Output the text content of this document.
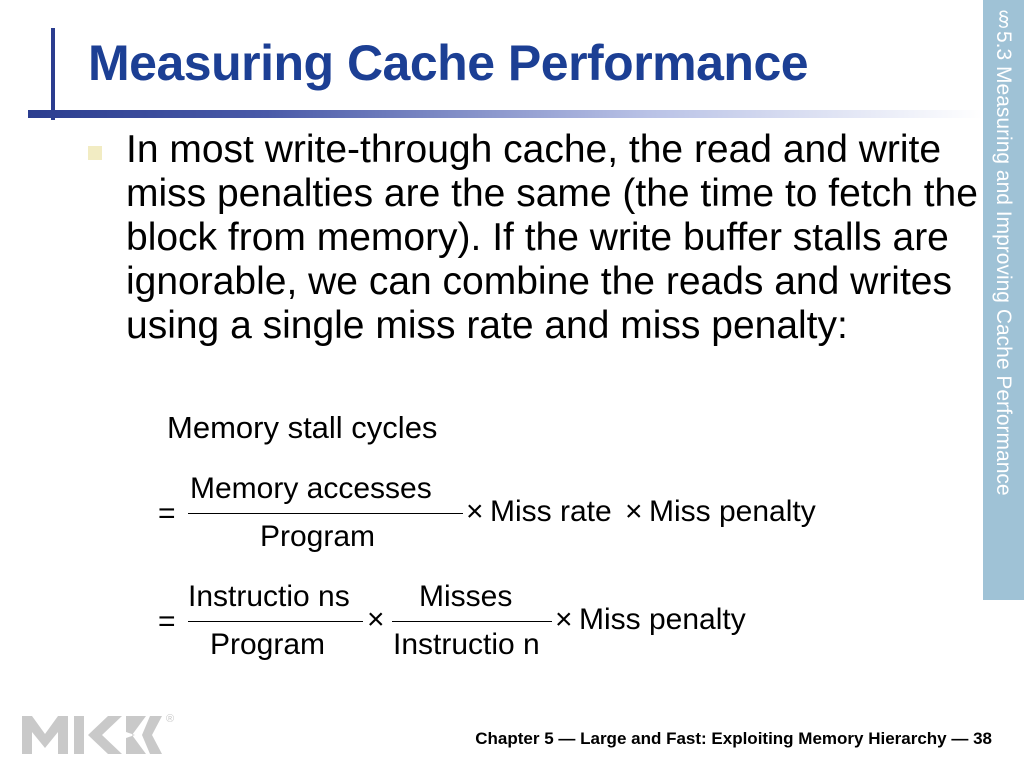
Measuring Cache Performance	§5.3 Measuring and Improving Cache Performance

In most write-through cache, the read and write miss penalties are the same (the time to fetch the block from memory). If the write buffer stalls are ignorable, we can combine the reads and writes using a single miss rate and miss penalty:

Memory stall cycles
=
Memory accesses
Program
× Miss rate × Miss penalty
=
Instructio ns
Program
×
Misses
Instructio n
× Miss penalty
®
Chapter 5 — Large and Fast: Exploiting Memory Hierarchy — 38
